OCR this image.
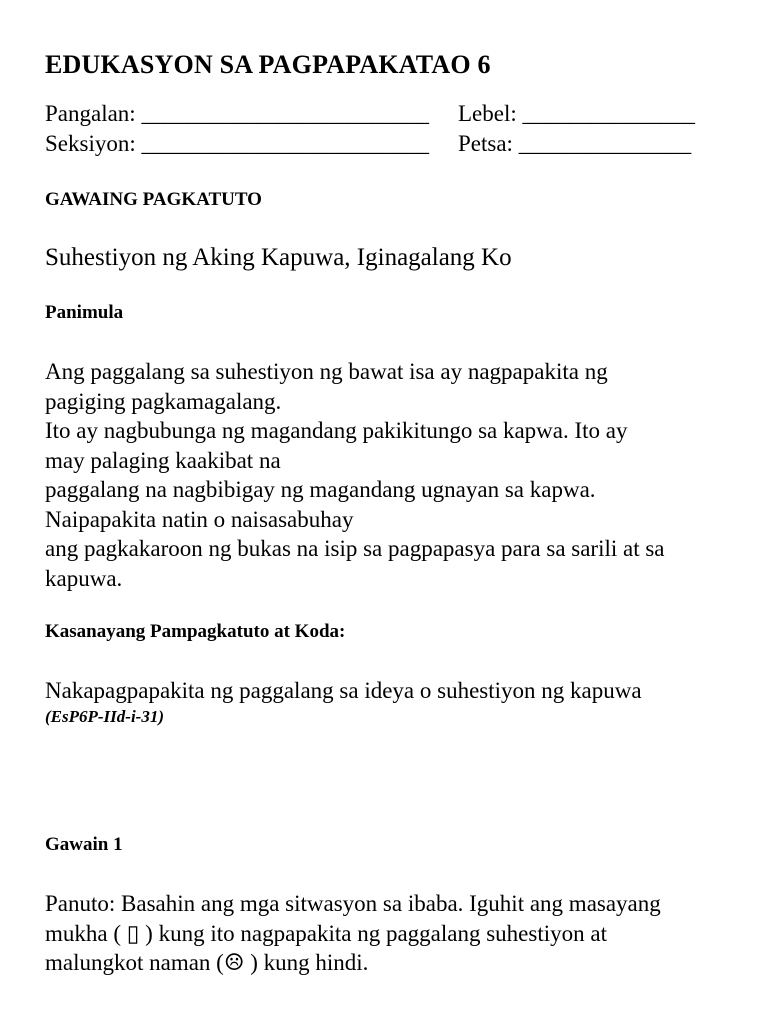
EDUKASYON SA PAGPAPAKATAO 6
Pangalan: _________________________ Lebel: _______________
Seksiyon: _________________________ Petsa: _______________
GAWAING PAGKATUTO
Suhestiyon ng Aking Kapuwa, Iginagalang Ko
Panimula
Ang paggalang sa suhestiyon ng bawat isa ay nagpapakita ng
pagiging pagkamagalang.
Ito ay nagbubunga ng magandang pakikitungo sa kapwa. Ito ay
may palaging kaakibat na
paggalang na nagbibigay ng magandang ugnayan sa kapwa.
Naipapakita natin o naisasabuhay
ang pagkakaroon ng bukas na isip sa pagpapasya para sa sarili at sa
kapuwa.
Kasanayang Pampagkatuto at Koda:
Nakapagpapakita ng paggalang sa ideya o suhestiyon ng kapuwa
(EsP6P-IId-i-31)
Gawain 1
Panuto: Basahin ang mga sitwasyon sa ibaba. Iguhit ang masayang
mukha ( ▯ ) kung ito nagpapakita ng paggalang suhestiyon at
malungkot naman (☹ ) kung hindi.
